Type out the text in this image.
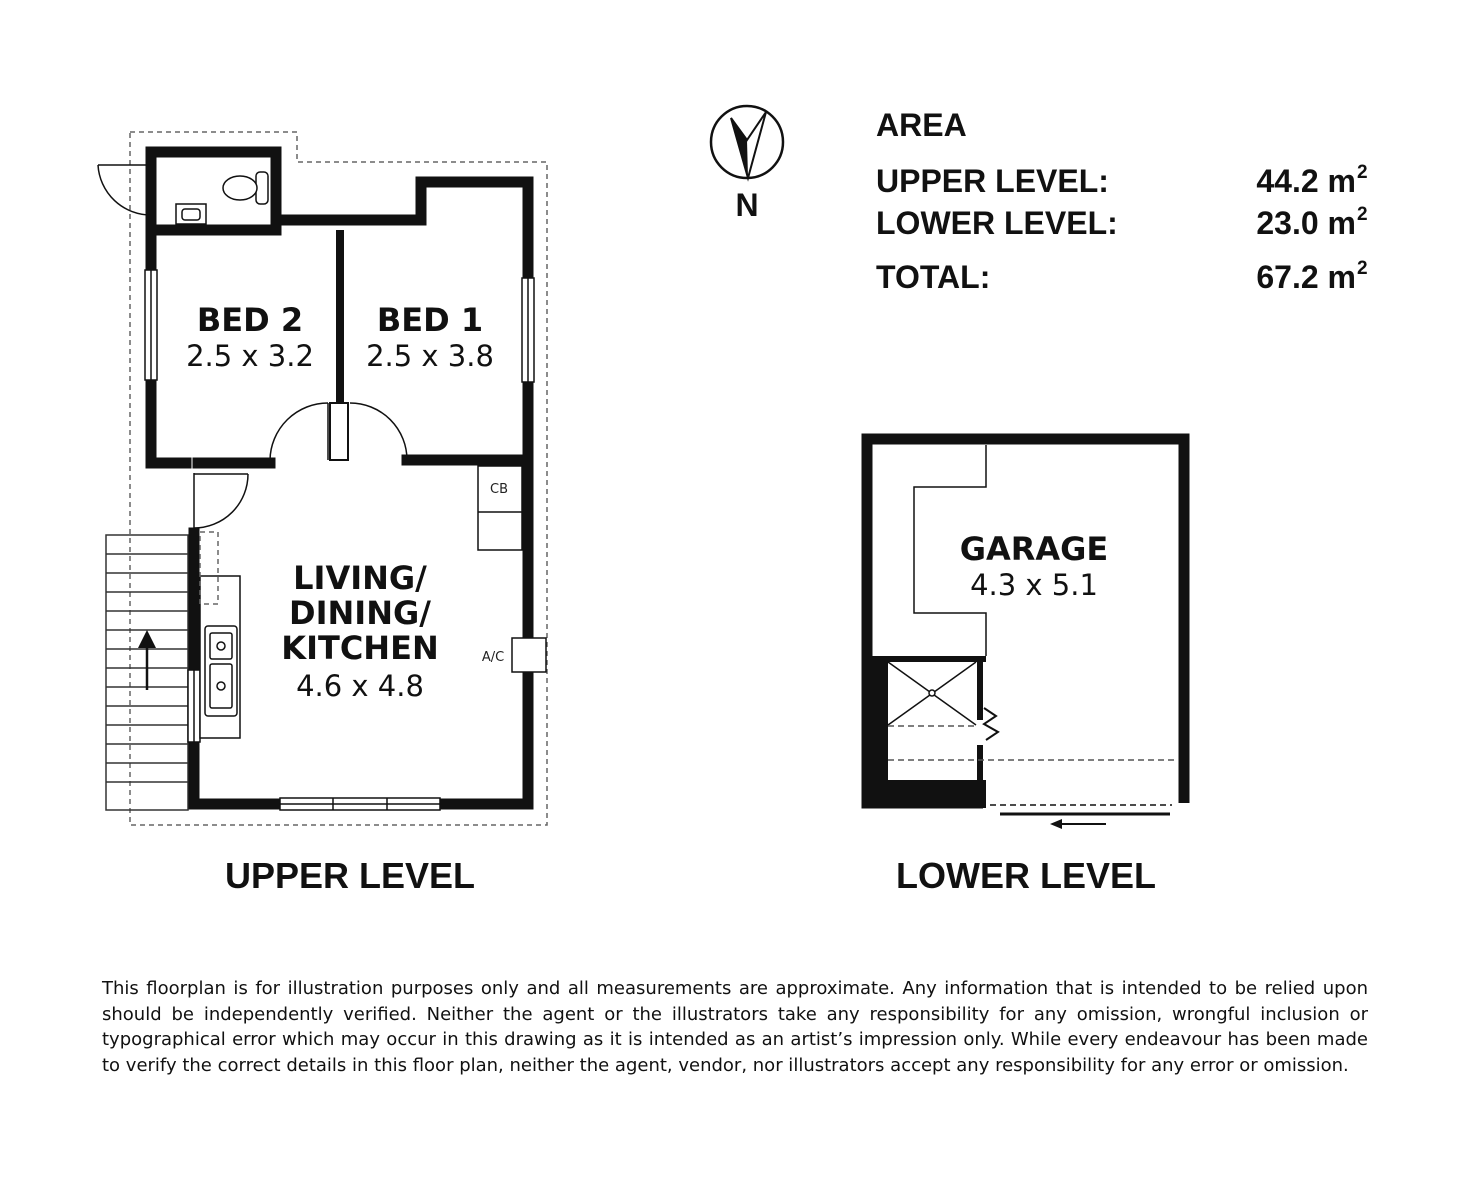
CB
A/C
BED 2
2.5 x 3.2
BED 1
2.5 x 3.8
LIVING/
DINING/
KITCHEN
4.6 x 4.8
UPPER LEVEL
N
AREA
UPPER LEVEL:	44.2 m 2
LOWER LEVEL:	23.0 m 2
TOTAL:	67.2 m 2
GARAGE
4.3 x 5.1
LOWER LEVEL

This floorplan is for illustration purposes only and all measurements are approximate. Any information that is intended to be relied upon should be independently verified. Neither the agent or the illustrators take any responsibility for any omission, wrongful inclusion or typographical error which may occur in this drawing as it is intended as an artist’s impression only. While every endeavour has been made to verify the correct details in this floor plan, neither the agent, vendor, nor illustrators accept any responsibility for any error or omission.
